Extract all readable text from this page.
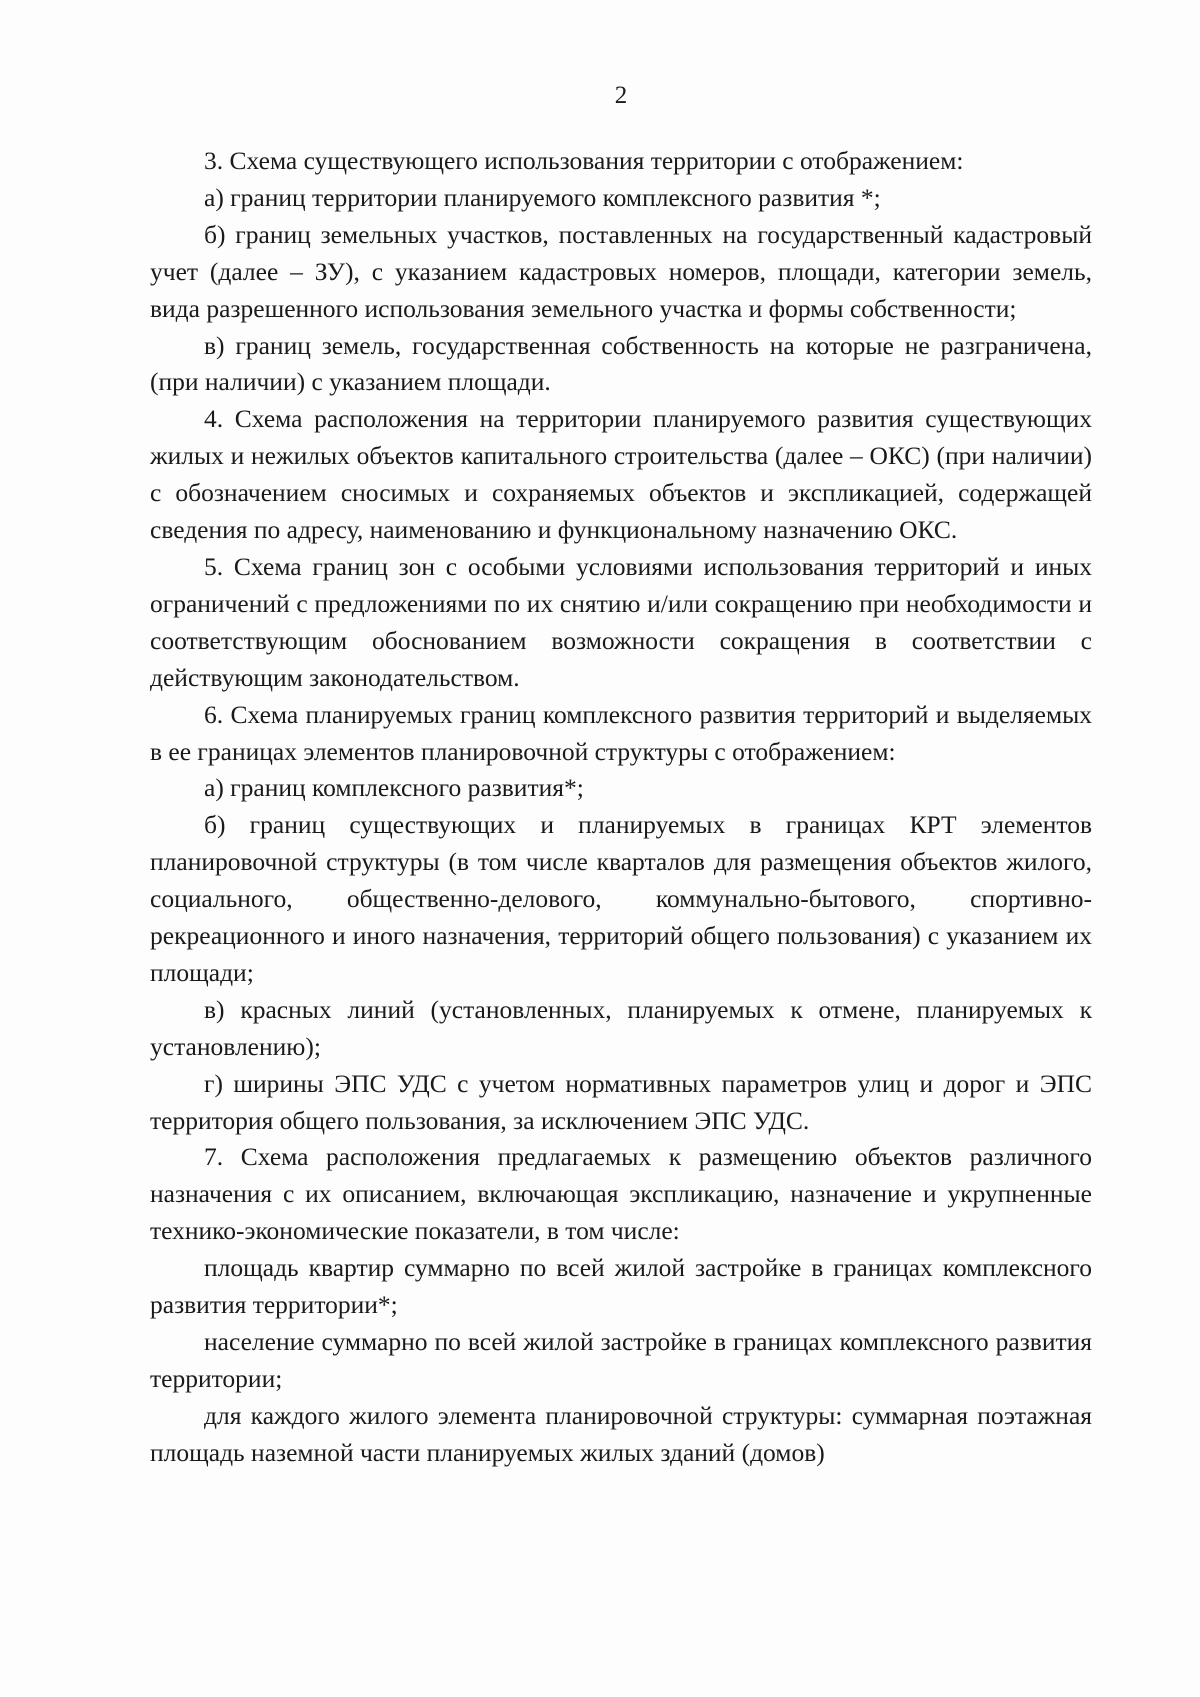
2

3. Схема существующего использования территории с отображением:

а) границ территории планируемого комплексного развития *;

б) границ земельных участков, поставленных на государственный кадастровый учет (далее – ЗУ), с указанием кадастровых номеров, площади, категории земель, вида разрешенного использования земельного участка и формы собственности;

в) границ земель, государственная собственность на которые не разграничена, (при наличии) с указанием площади.

4. Схема расположения на территории планируемого развития существующих жилых и нежилых объектов капитального строительства (далее – ОКС) (при наличии) с обозначением сносимых и сохраняемых объектов и экспликацией, содержащей сведения по адресу, наименованию и функциональному назначению ОКС.

5. Схема границ зон с особыми условиями использования территорий и иных ограничений с предложениями по их снятию и/или сокращению при необходимости и соответствующим обоснованием возможности сокращения в соответствии с действующим законодательством.

6. Схема планируемых границ комплексного развития территорий и выделяемых в ее границах элементов планировочной структуры с отображением:

а) границ комплексного развития*;

б) границ существующих и планируемых в границах КРТ элементов планировочной структуры (в том числе кварталов для размещения объектов жилого, социального, общественно-делового, коммунально-бытового, спортивно-рекреационного и иного назначения, территорий общего пользования) с указанием их площади;

в) красных линий (установленных, планируемых к отмене, планируемых к установлению);

г) ширины ЭПС УДС с учетом нормативных параметров улиц и дорог и ЭПС территория общего пользования, за исключением ЭПС УДС.

7. Схема расположения предлагаемых к размещению объектов различного назначения с их описанием, включающая экспликацию, назначение и укрупненные технико-экономические показатели, в том числе:

площадь квартир суммарно по всей жилой застройке в границах комплексного развития территории*;

население суммарно по всей жилой застройке в границах комплексного развития территории;

для каждого жилого элемента планировочной структуры: суммарная поэтажная площадь наземной части планируемых жилых зданий (домов)
